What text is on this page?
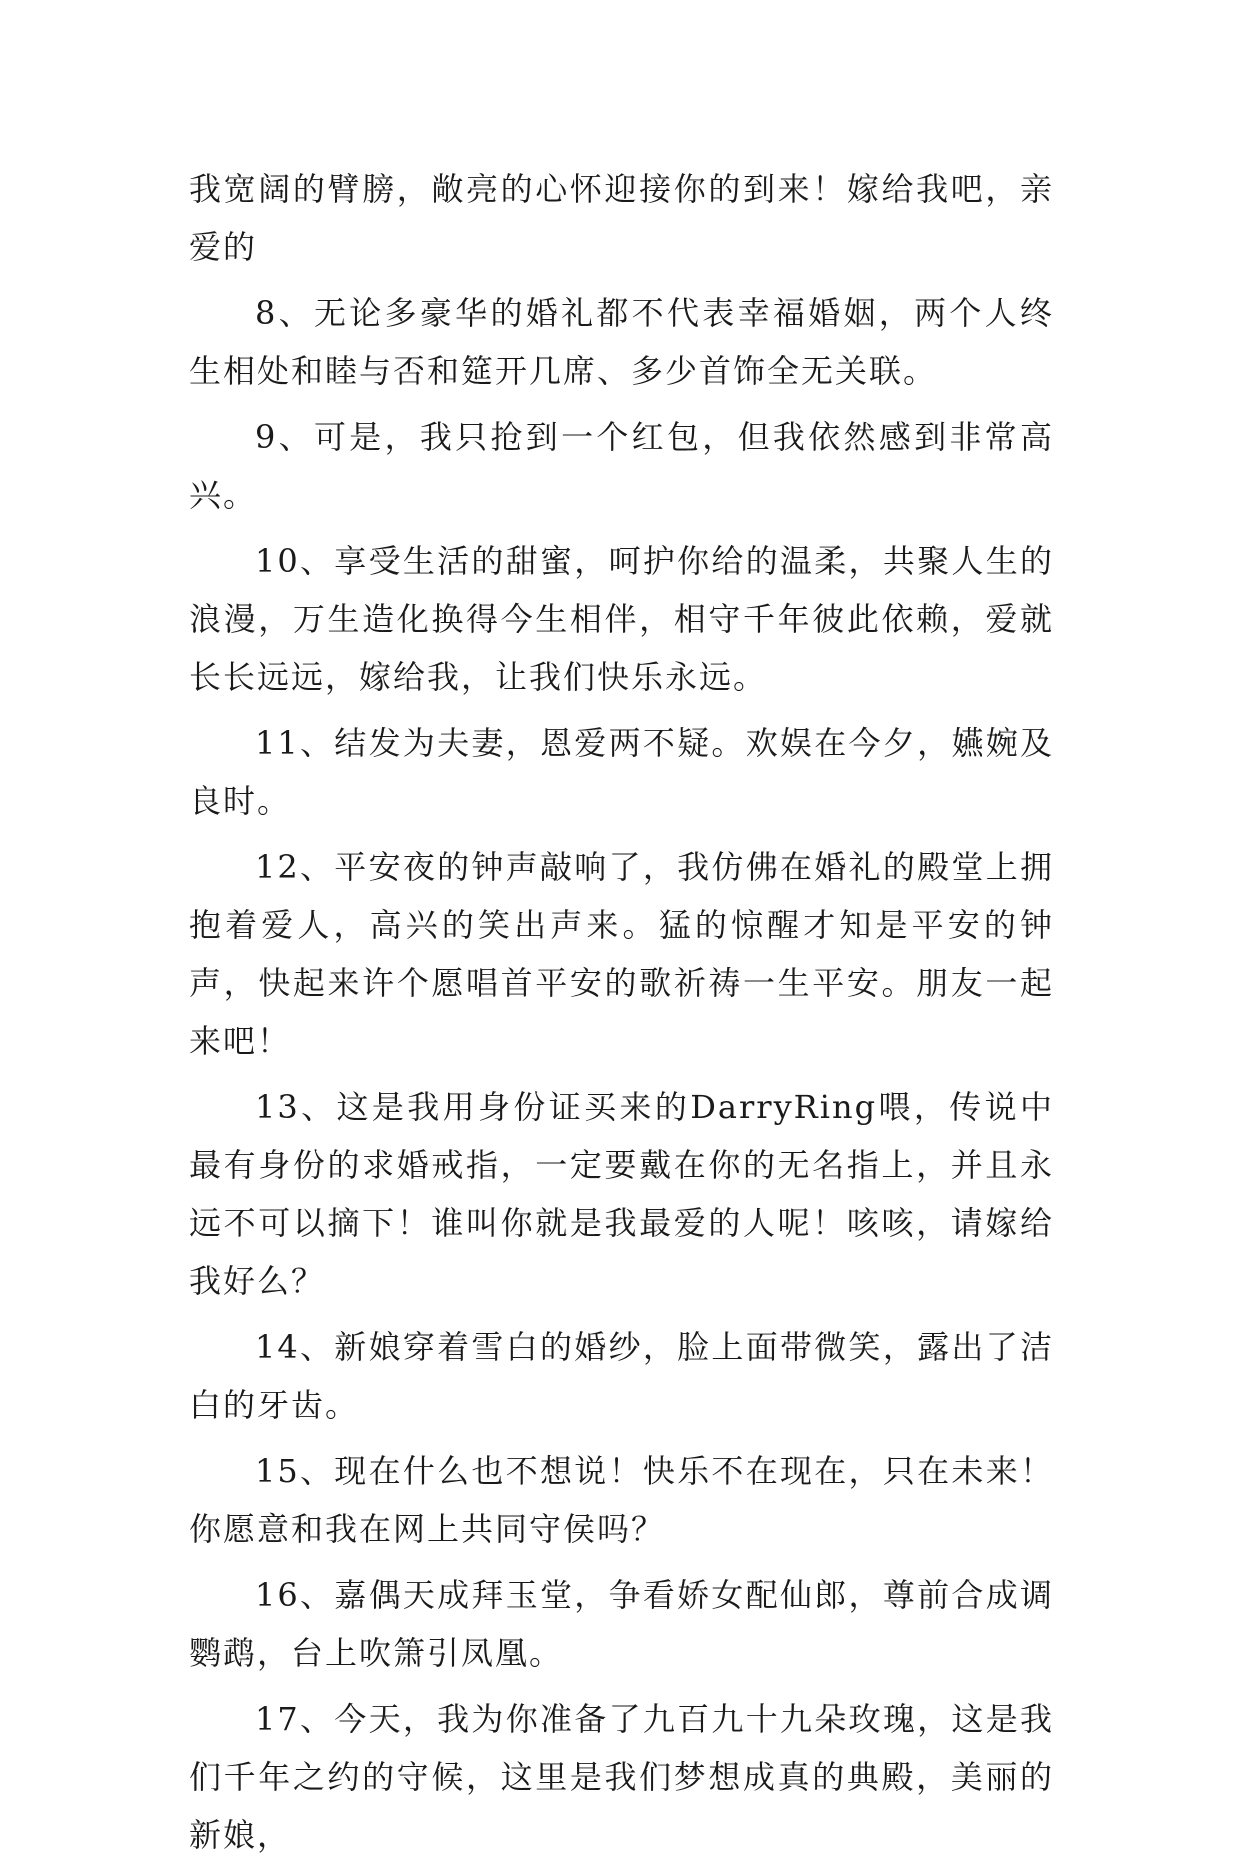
我宽阔的臂膀，敞亮的心怀迎接你的到来！嫁给我吧，亲爱的

8、无论多豪华的婚礼都不代表幸福婚姻，两个人终生相处和睦与否和筵开几席、多少首饰全无关联。

9、可是，我只抢到一个红包，但我依然感到非常高兴。

10、享受生活的甜蜜，呵护你给的温柔，共聚人生的浪漫，万生造化换得今生相伴，相守千年彼此依赖，爱就长长远远，嫁给我，让我们快乐永远。

11、结发为夫妻，恩爱两不疑。欢娱在今夕，嬿婉及良时。

12、平安夜的钟声敲响了，我仿佛在婚礼的殿堂上拥抱着爱人，高兴的笑出声来。猛的惊醒才知是平安的钟声，快起来许个愿唱首平安的歌祈祷一生平安。朋友一起来吧！

13、这是我用身份证买来的DarryRing喂，传说中最有身份的求婚戒指，一定要戴在你的无名指上，并且永远不可以摘下！谁叫你就是我最爱的人呢！咳咳，请嫁给我好么？

14、新娘穿着雪白的婚纱，脸上面带微笑，露出了洁白的牙齿。

15、现在什么也不想说！快乐不在现在，只在未来！你愿意和我在网上共同守侯吗？

16、嘉偶天成拜玉堂，争看娇女配仙郎，尊前合成调鹦鹉，台上吹箫引凤凰。

17、今天，我为你准备了九百九十九朵玫瑰，这是我们千年之约的守候，这里是我们梦想成真的典殿，美丽的新娘，
